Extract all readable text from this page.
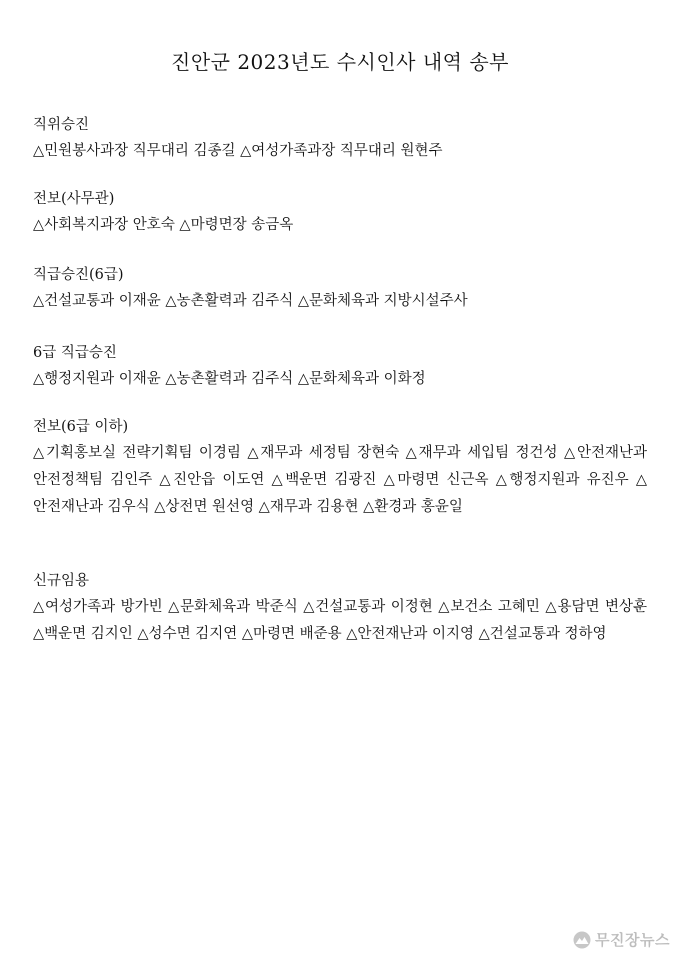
진안군 2023년도 수시인사 내역 송부

직위승진

△민원봉사과장 직무대리 김종길 △여성가족과장 직무대리 원현주

전보(사무관)

△사회복지과장 안호숙 △마령면장 송금옥

직급승진(6급)

△건설교통과 이재윤 △농촌활력과 김주식 △문화체육과 지방시설주사

6급 직급승진

△행정지원과 이재윤 △농촌활력과 김주식 △문화체육과 이화정

전보(6급 이하)

△기획홍보실 전략기획팀 이경림 △재무과 세정팀 장현숙 △재무과 세입팀 정건성 △안전재난과 안전정책팀 김인주 △진안읍 이도연 △백운면 김광진 △마령면 신근옥 △행정지원과 유진우 △안전재난과 김우식 △상전면 원선영 △재무과 김용현 △환경과 홍윤일

신규임용

△여성가족과 방가빈 △문화체육과 박준식 △건설교통과 이정현 △보건소 고혜민 △용담면 변상훈 △백운면 김지인 △성수면 김지연 △마령면 배준용 △안전재난과 이지영 △건설교통과 정하영

무진장뉴스
